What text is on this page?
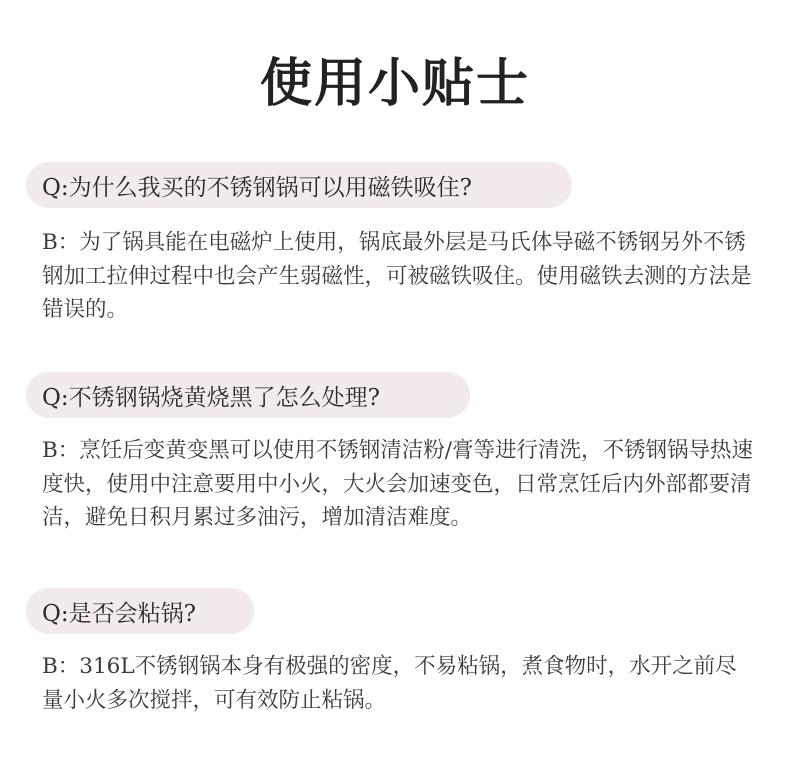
使用小贴士
Q:为什么我买的不锈钢锅可以用磁铁吸住?

B：为了锅具能在电磁炉上使用，锅底最外层是马氏体导磁不锈钢另外不锈钢加工拉伸过程中也会产生弱磁性，可被磁铁吸住。使用磁铁去测的方法是错误的。

Q:不锈钢锅烧黄烧黑了怎么处理?

B：烹饪后变黄变黑可以使用不锈钢清洁粉/膏等进行清洗，不锈钢锅导热速度快，使用中注意要用中小火，大火会加速变色，日常烹饪后内外部都要清洁，避免日积月累过多油污，增加清洁难度。

Q:是否会粘锅?

B：316L不锈钢锅本身有极强的密度，不易粘锅，煮食物时，水开之前尽量小火多次搅拌，可有效防止粘锅。
